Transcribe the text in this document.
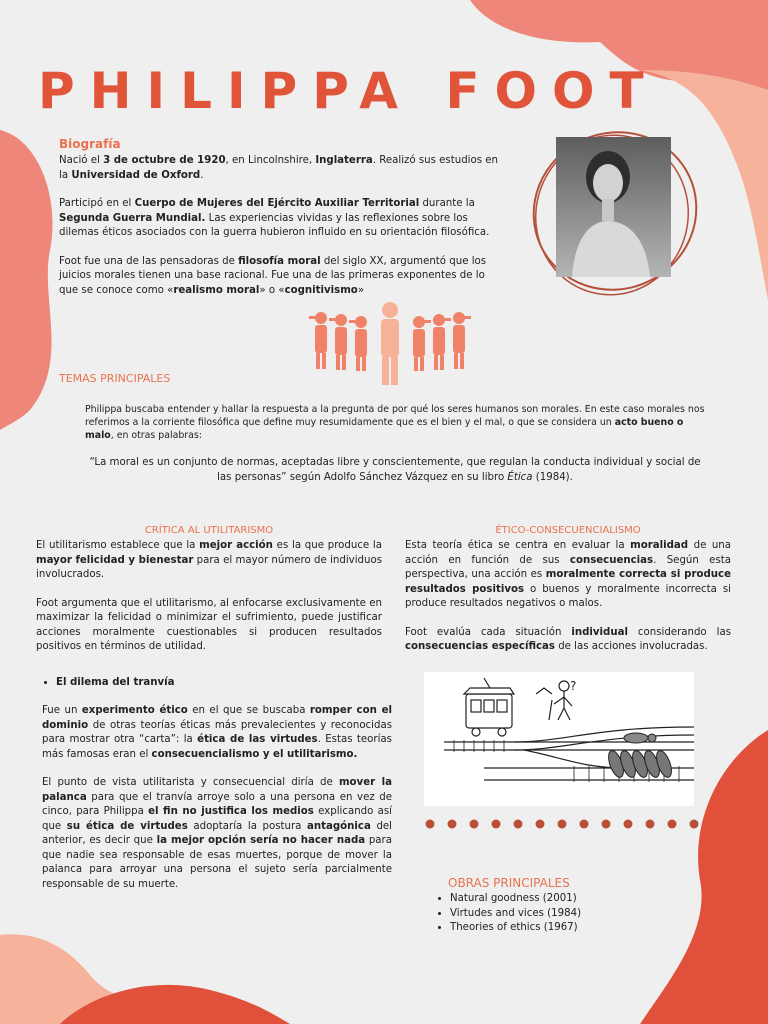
PHILIPPA FOOT
Biografía

Nació el 3 de octubre de 1920, en Lincolnshire, Inglaterra. Realizó sus estudios en la Universidad de Oxford.

Participó en el Cuerpo de Mujeres del Ejército Auxiliar Territorial durante la Segunda Guerra Mundial. Las experiencias vividas y las reflexiones sobre los dilemas éticos asociados con la guerra hubieron influido en su orientación filosófica.

Foot fue una de las pensadoras de filosofía moral del siglo XX, argumentó que los juicios morales tienen una base racional. Fue una de las primeras exponentes de lo que se conoce como «realismo moral» o «cognitivismo»

TEMAS PRINCIPALES
Philippa buscaba entender y hallar la respuesta a la pregunta de por qué los seres humanos son morales. En este caso morales nos referimos a la corriente filosófica que define muy resumidamente que es el bien y el mal, o que se considera un acto bueno o malo, en otras palabras:
“La moral es un conjunto de normas, aceptadas libre y conscientemente, que regulan la conducta individual y social de las personas” según Adolfo Sánchez Vázquez en su libro Ética (1984).
CRÍTICA AL UTILITARISMO

El utilitarismo establece que la mejor acción es la que produce la mayor felicidad y bienestar para el mayor número de individuos involucrados.

Foot argumenta que el utilitarismo, al enfocarse exclusivamente en maximizar la felicidad o minimizar el sufrimiento, puede justificar acciones moralmente cuestionables si producen resultados positivos en términos de utilidad.

ÉTICO-CONSECUENCIALISMO

Esta teoría ética se centra en evaluar la moralidad de una acción en función de sus consecuencias. Según esta perspectiva, una acción es moralmente correcta si produce resultados positivos o buenos y moralmente incorrecta si produce resultados negativos o malos.

Foot evalúa cada situación individual considerando las consecuencias específicas de las acciones involucradas.

• El dilema del tranvía

Fue un experimento ético en el que se buscaba romper con el dominio de otras teorías éticas más prevalecientes y reconocidas para mostrar otra “carta”: la ética de las virtudes. Estas teorías más famosas eran el consecuencialismo y el utilitarismo.

El punto de vista utilitarista y consecuencial diría de mover la palanca para que el tranvía arroye solo a una persona en vez de cinco, para Philippa el fin no justifica los medios explicando así que su ética de virtudes adoptaría la postura antagónica del anterior, es decir que la mejor opción sería no hacer nada para que nadie sea responsable de esas muertes, porque de mover la palanca para arroyar una persona el sujeto sería parcialmente responsable de su muerte.

?
OBRAS PRINCIPALES
• Natural goodness (2001)
• Virtudes and vices (1984)
• Theories of ethics (1967)
